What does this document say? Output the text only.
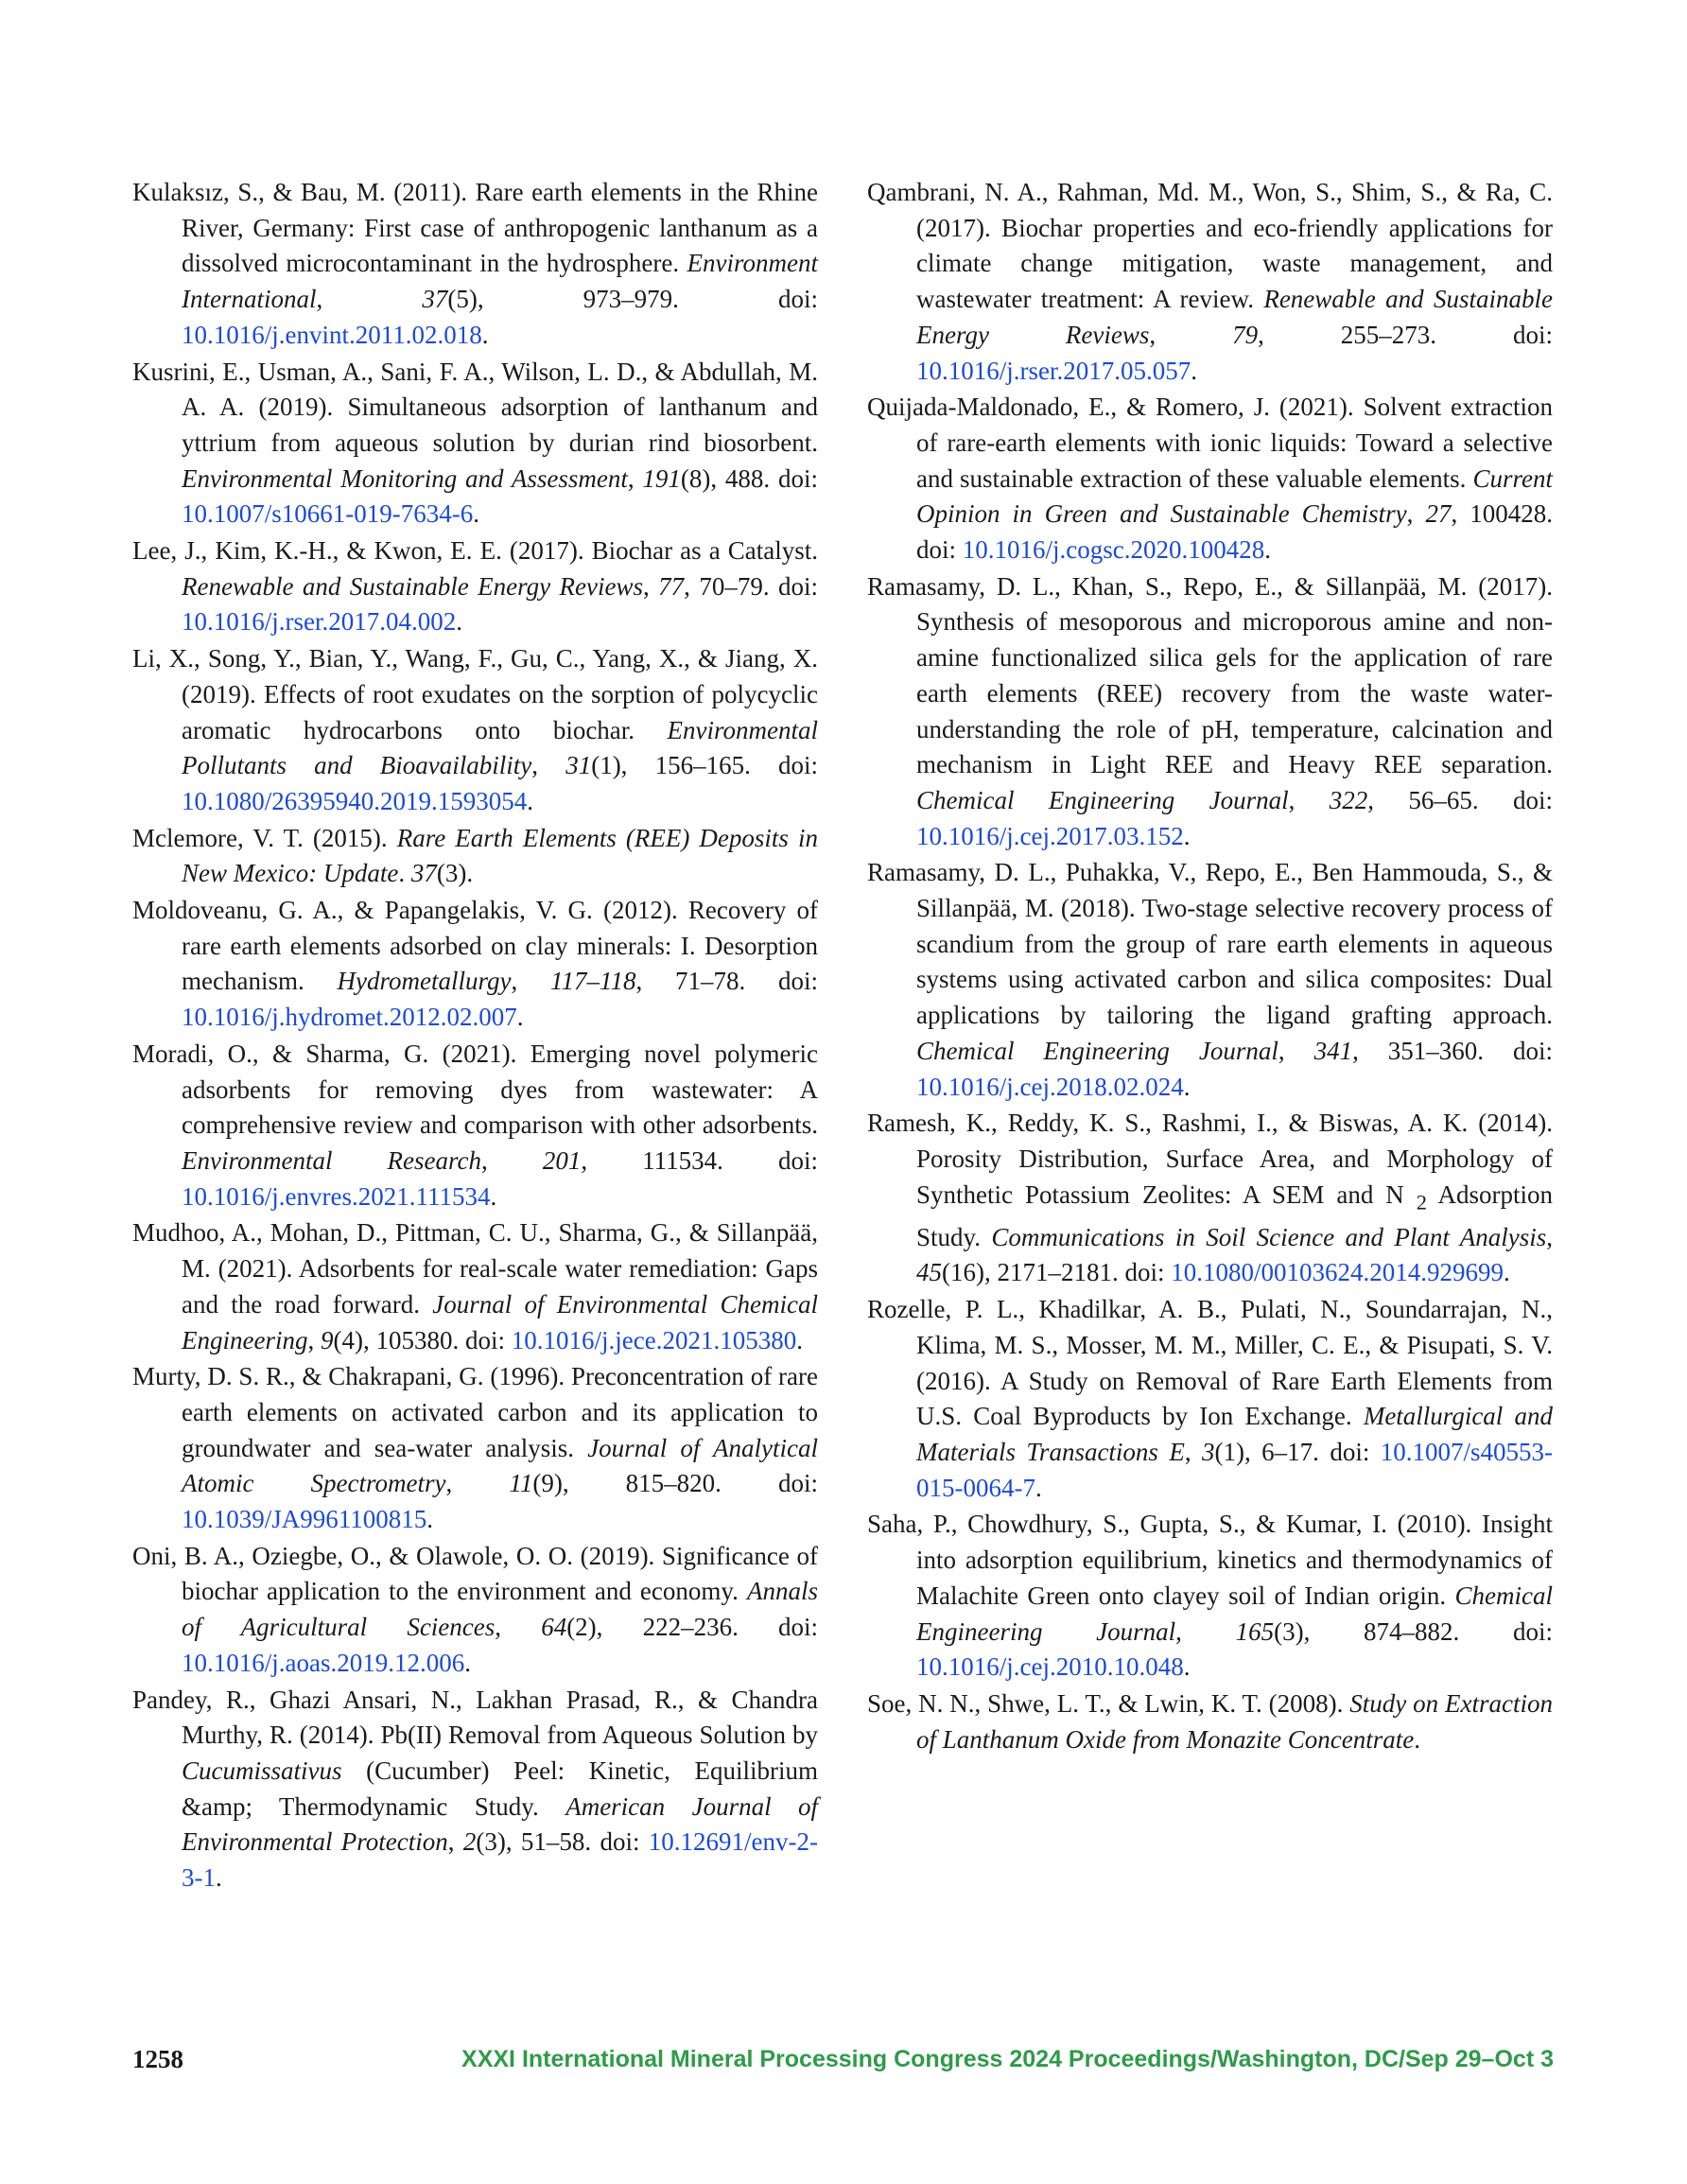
Kulaksız, S., & Bau, M. (2011). Rare earth elements in the Rhine River, Germany: First case of anthropogenic lanthanum as a dissolved microcontaminant in the hydrosphere. Environment International, 37(5), 973–979. doi: 10.1016/j.envint.2011.02.018.

Kusrini, E., Usman, A., Sani, F. A., Wilson, L. D., & Abdullah, M. A. A. (2019). Simultaneous adsorption of lanthanum and yttrium from aqueous solution by durian rind biosorbent. Environmental Monitoring and Assessment, 191(8), 488. doi: 10.1007/s10661-019-7634-6.

Lee, J., Kim, K.-H., & Kwon, E. E. (2017). Biochar as a Catalyst. Renewable and Sustainable Energy Reviews, 77, 70–79. doi: 10.1016/j.rser.2017.04.002.

Li, X., Song, Y., Bian, Y., Wang, F., Gu, C., Yang, X., & Jiang, X. (2019). Effects of root exudates on the sorption of polycyclic aromatic hydrocarbons onto biochar. Environmental Pollutants and Bioavailability, 31(1), 156–165. doi: 10.1080/26395940.2019.1593054.

Mclemore, V. T. (2015). Rare Earth Elements (REE) Deposits in New Mexico: Update. 37(3).

Moldoveanu, G. A., & Papangelakis, V. G. (2012). Recovery of rare earth elements adsorbed on clay minerals: I. Desorption mechanism. Hydrometallurgy, 117–118, 71–78. doi: 10.1016/j.hydromet.2012.02.007.

Moradi, O., & Sharma, G. (2021). Emerging novel polymeric adsorbents for removing dyes from wastewater: A comprehensive review and comparison with other adsorbents. Environmental Research, 201, 111534. doi: 10.1016/j.envres.2021.111534.

Mudhoo, A., Mohan, D., Pittman, C. U., Sharma, G., & Sillanpää, M. (2021). Adsorbents for real-scale water remediation: Gaps and the road forward. Journal of Environmental Chemical Engineering, 9(4), 105380. doi: 10.1016/j.jece.2021.105380.

Murty, D. S. R., & Chakrapani, G. (1996). Preconcentration of rare earth elements on activated carbon and its application to groundwater and sea-water analysis. Journal of Analytical Atomic Spectrometry, 11(9), 815–820. doi: 10.1039/JA9961100815.

Oni, B. A., Oziegbe, O., & Olawole, O. O. (2019). Significance of biochar application to the environment and economy. Annals of Agricultural Sciences, 64(2), 222–236. doi: 10.1016/j.aoas.2019.12.006.

Pandey, R., Ghazi Ansari, N., Lakhan Prasad, R., & Chandra Murthy, R. (2014). Pb(II) Removal from Aqueous Solution by Cucumissativus (Cucumber) Peel: Kinetic, Equilibrium &amp; Thermodynamic Study. American Journal of Environmental Protection, 2(3), 51–58. doi: 10.12691/env-2-3-1.

Qambrani, N. A., Rahman, Md. M., Won, S., Shim, S., & Ra, C. (2017). Biochar properties and eco-friendly applications for climate change mitigation, waste management, and wastewater treatment: A review. Renewable and Sustainable Energy Reviews, 79, 255–273. doi: 10.1016/j.rser.2017.05.057.

Quijada-Maldonado, E., & Romero, J. (2021). Solvent extraction of rare-earth elements with ionic liquids: Toward a selective and sustainable extraction of these valuable elements. Current Opinion in Green and Sustainable Chemistry, 27, 100428. doi: 10.1016/j.cogsc.2020.100428.

Ramasamy, D. L., Khan, S., Repo, E., & Sillanpää, M. (2017). Synthesis of mesoporous and microporous amine and non-amine functionalized silica gels for the application of rare earth elements (REE) recovery from the waste water-understanding the role of pH, temperature, calcination and mechanism in Light REE and Heavy REE separation. Chemical Engineering Journal, 322, 56–65. doi: 10.1016/j.cej.2017.03.152.

Ramasamy, D. L., Puhakka, V., Repo, E., Ben Hammouda, S., & Sillanpää, M. (2018). Two-stage selective recovery process of scandium from the group of rare earth elements in aqueous systems using activated carbon and silica composites: Dual applications by tailoring the ligand grafting approach. Chemical Engineering Journal, 341, 351–360. doi: 10.1016/j.cej.2018.02.024.

Ramesh, K., Reddy, K. S., Rashmi, I., & Biswas, A. K. (2014). Porosity Distribution, Surface Area, and Morphology of Synthetic Potassium Zeolites: A SEM and N $_2$ Adsorption Study. Communications in Soil Science and Plant Analysis, 45(16), 2171–2181. doi: 10.1080/00103624.2014.929699.

Rozelle, P. L., Khadilkar, A. B., Pulati, N., Soundarrajan, N., Klima, M. S., Mosser, M. M., Miller, C. E., & Pisupati, S. V. (2016). A Study on Removal of Rare Earth Elements from U.S. Coal Byproducts by Ion Exchange. Metallurgical and Materials Transactions E, 3(1), 6–17. doi: 10.1007/s40553-015-0064-7.

Saha, P., Chowdhury, S., Gupta, S., & Kumar, I. (2010). Insight into adsorption equilibrium, kinetics and thermodynamics of Malachite Green onto clayey soil of Indian origin. Chemical Engineering Journal, 165(3), 874–882. doi: 10.1016/j.cej.2010.10.048.

Soe, N. N., Shwe, L. T., & Lwin, K. T. (2008). Study on Extraction of Lanthanum Oxide from Monazite Concentrate.

1258	XXXI International Mineral Processing Congress 2024 Proceedings/Washington, DC/Sep 29–Oct 3
